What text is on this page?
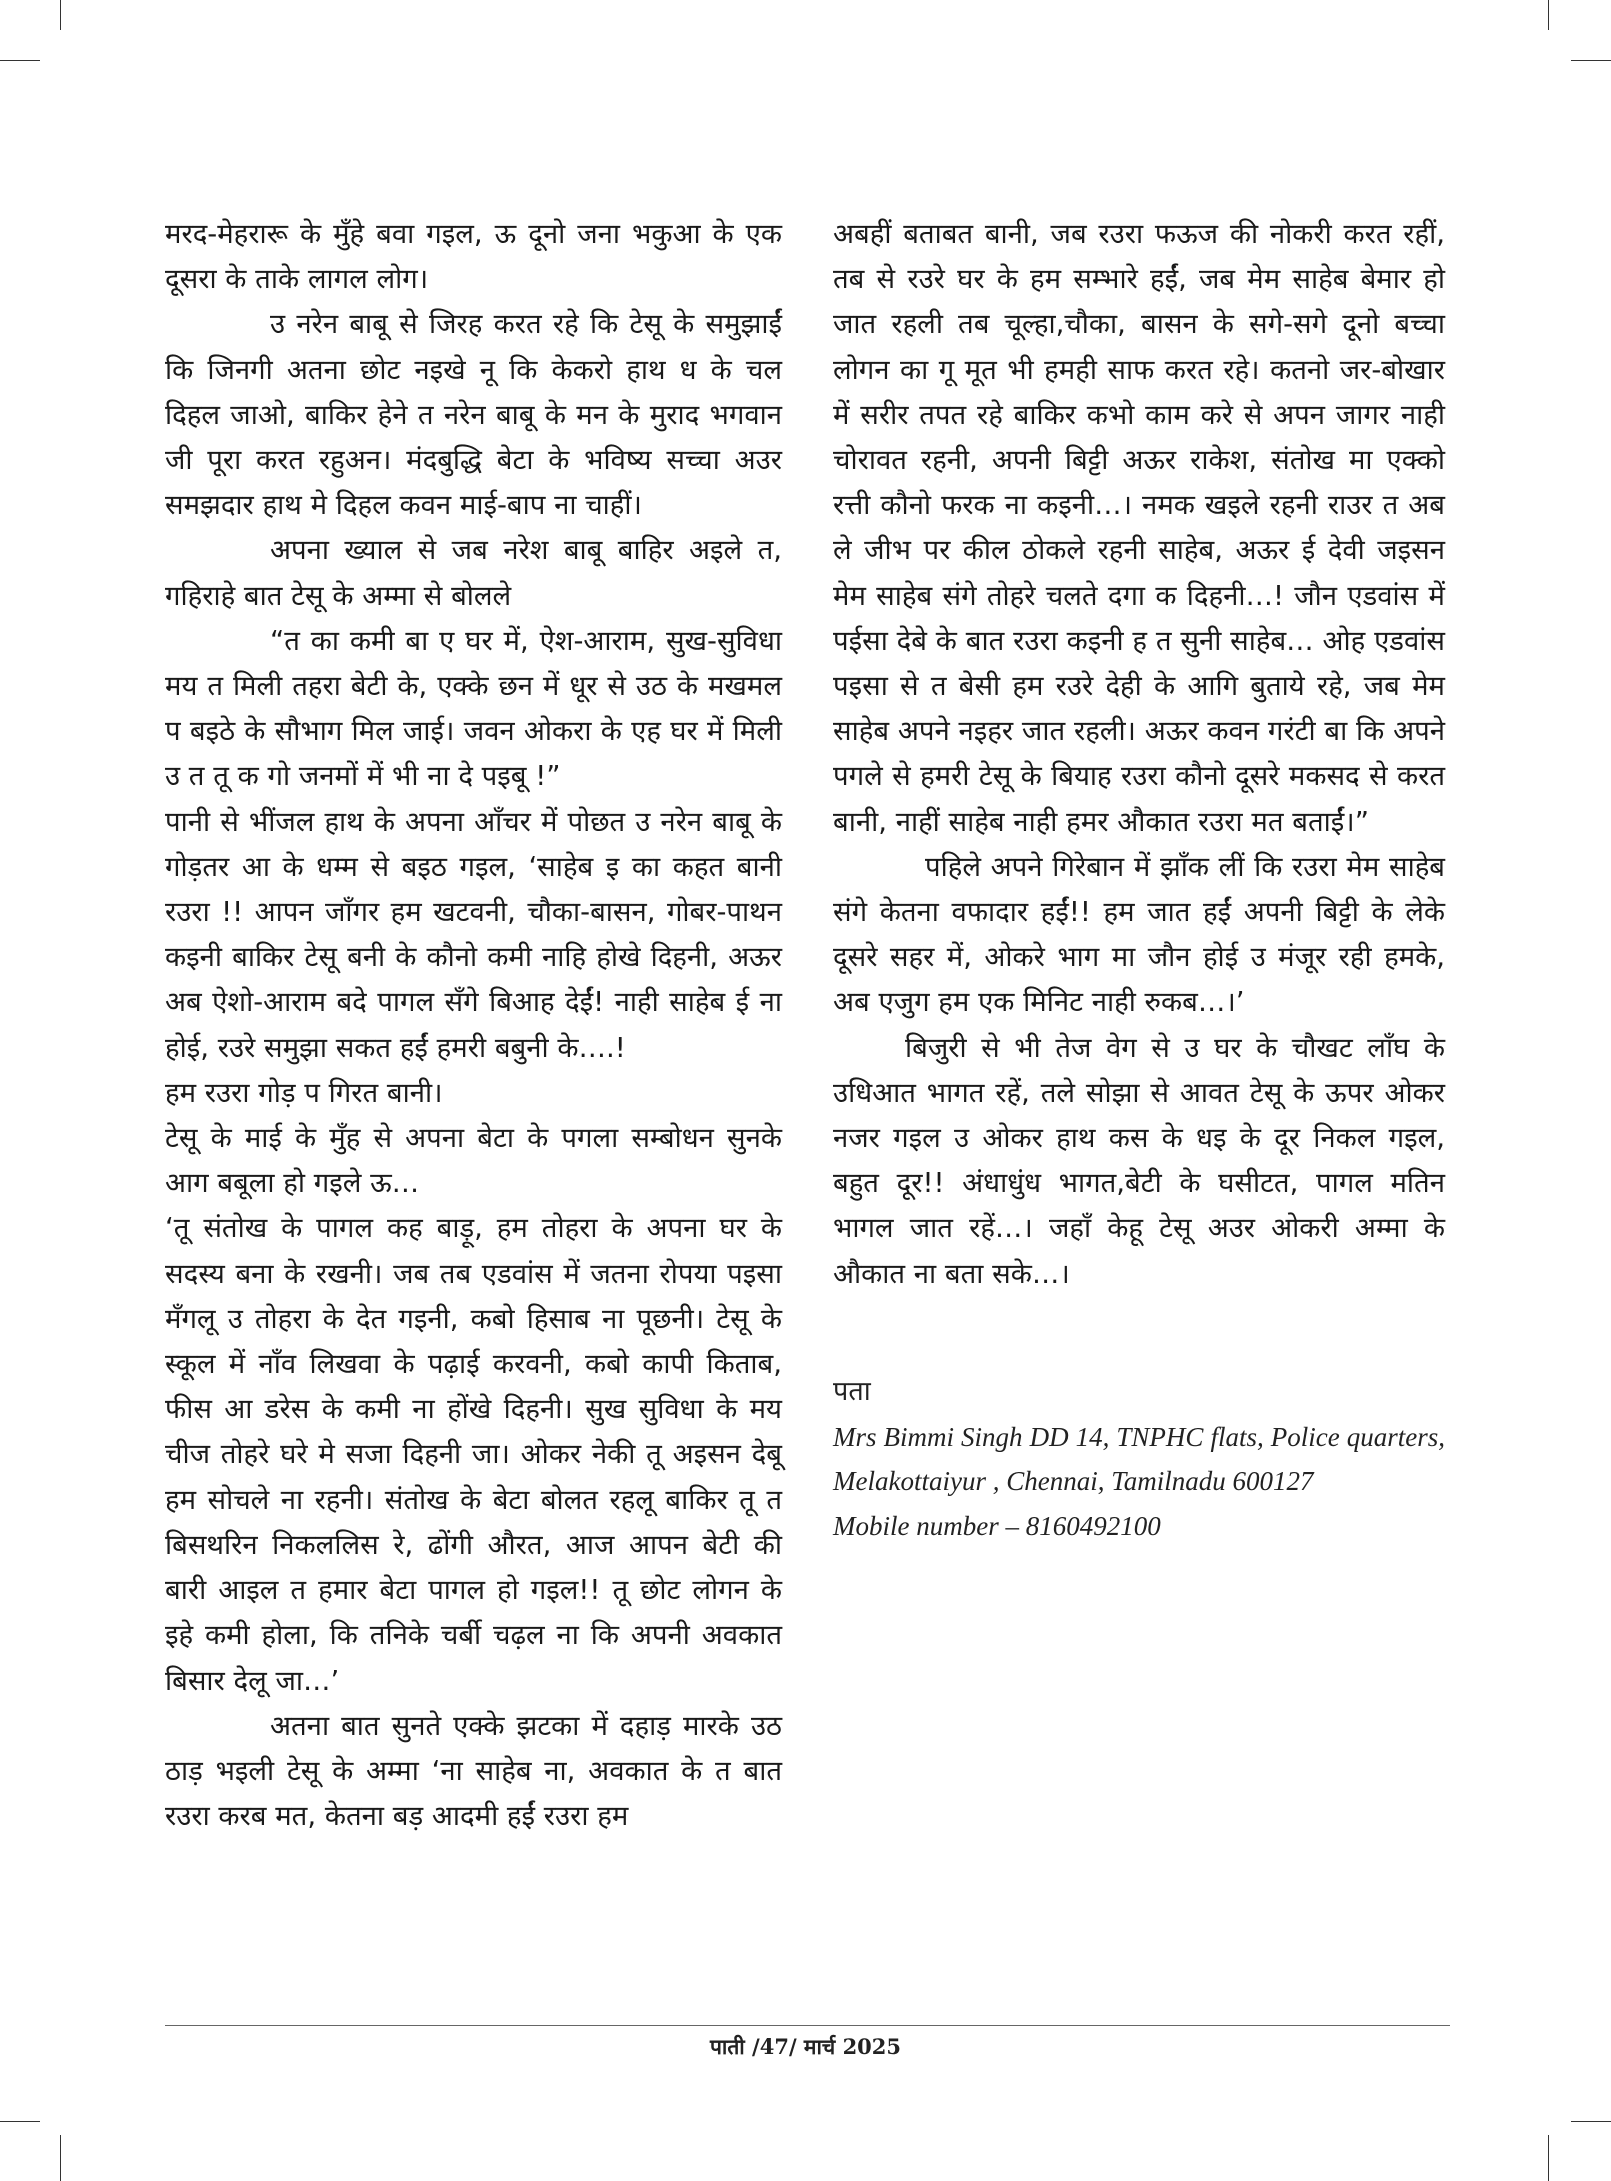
मरद-मेहरारू के मुँहे बवा गइल, ऊ दूनो जना भकुआ के एक दूसरा के ताके लागल लोग।

उ नरेन बाबू से जिरह करत रहे कि टेसू के समुझाईं कि जिनगी अतना छोट नइखे नू कि केकरो हाथ ध के चल दिहल जाओ, बाकिर हेने त नरेन बाबू के मन के मुराद भगवान जी पूरा करत रहुअन। मंदबुद्धि बेटा के भविष्य सच्चा अउर समझदार हाथ मे दिहल कवन माई-बाप ना चाहीं।

अपना ख्याल से जब नरेश बाबू बाहिर अइले त, गहिराहे बात टेसू के अम्मा से बोलले

“त का कमी बा ए घर में, ऐश-आराम, सुख-सुविधा मय त मिली तहरा बेटी के, एक्के छन में धूर से उठ के मखमल प बइठे के सौभाग मिल जाई। जवन ओकरा के एह घर में मिली उ त तू क गो जनमों में भी ना दे पइबू !”

पानी से भींजल हाथ के अपना आँचर में पोछत उ नरेन बाबू के गोड़तर आ के धम्म से बइठ गइल, ‘साहेब इ का कहत बानी रउरा !! आपन जाँगर हम खटवनी, चौका-बासन, गोबर-पाथन कइनी बाकिर टेसू बनी के कौनो कमी नाहि होखे दिहनी, अऊर अब ऐशो-आराम बदे पागल सँगे बिआह देईं! नाही साहेब ई ना होई, रउरे समुझा सकत हईं हमरी बबुनी के….!

हम रउरा गोड़ प गिरत बानी।

टेसू के माई के मुँह से अपना बेटा के पगला सम्बोधन सुनके आग बबूला हो गइले ऊ…

‘तू संतोख के पागल कह बाड़ू, हम तोहरा के अपना घर के सदस्य बना के रखनी। जब तब एडवांस में जतना रोपया पइसा मँगलू उ तोहरा के देत गइनी, कबो हिसाब ना पूछनी। टेसू के स्कूल में नाँव लिखवा के पढ़ाई करवनी, कबो कापी किताब, फीस आ डरेस के कमी ना होंखे दिहनी। सुख सुविधा के मय चीज तोहरे घरे मे सजा दिहनी जा। ओकर नेकी तू अइसन देबू हम सोचले ना रहनी। संतोख के बेटा बोलत रहलू बाकिर तू त बिसथरिन निकललिस रे, ढोंगी औरत, आज आपन बेटी की बारी आइल त हमार बेटा पागल हो गइल!! तू छोट लोगन के इहे कमी होला, कि तनिके चर्बी चढ़ल ना कि अपनी अवकात बिसार देलू जा…’

अतना बात सुनते एक्के झटका में दहाड़ मारके उठ ठाड़ भइली टेसू के अम्मा ‘ना साहेब ना, अवकात के त बात रउरा करब मत, केतना बड़ आदमी हईं रउरा हम

अबहीं बताबत बानी, जब रउरा फऊज की नोकरी करत रहीं, तब से रउरे घर के हम सम्भारे हईं, जब मेम साहेब बेमार हो जात रहली तब चूल्हा,चौका, बासन के सगे-सगे दूनो बच्चा लोगन का गू मूत भी हमही साफ करत रहे। कतनो जर-बोखार में सरीर तपत रहे बाकिर कभो काम करे से अपन जागर नाही चोरावत रहनी, अपनी बिट्टी अऊर राकेश, संतोख मा एक्को रत्ती कौनो फरक ना कइनी…। नमक खइले रहनी राउर त अब ले जीभ पर कील ठोकले रहनी साहेब, अऊर ई देवी जइसन मेम साहेब संगे तोहरे चलते दगा क दिहनी…! जौन एडवांस में पईसा देबे के बात रउरा कइनी ह त सुनी साहेब… ओह एडवांस पइसा से त बेसी हम रउरे देही के आगि बुताये रहे, जब मेम साहेब अपने नइहर जात रहली। अऊर कवन गरंटी बा कि अपने पगले से हमरी टेसू के बियाह रउरा कौनो दूसरे मकसद से करत बानी, नाहीं साहेब नाही हमर औकात रउरा मत बताईं।”

पहिले अपने गिरेबान में झाँक लीं कि रउरा मेम साहेब संगे केतना वफादार हईं!! हम जात हईं अपनी बिट्टी के लेके दूसरे सहर में, ओकरे भाग मा जौन होई उ मंजूर रही हमके, अब एजुग हम एक मिनिट नाही रुकब…।’

बिजुरी से भी तेज वेग से उ घर के चौखट लाँघ के उधिआत भागत रहें, तले सोझा से आवत टेसू के ऊपर ओकर नजर गइल उ ओकर हाथ कस के धइ के दूर निकल गइल, बहुत दूर!! अंधाधुंध भागत,बेटी के घसीटत, पागल मतिन भागल जात रहें…। जहाँ केहू टेसू अउर ओकरी अम्मा के औकात ना बता सके…।

पता

Mrs Bimmi Singh DD 14, TNPHC flats, Police quarters, Melakottaiyur , Chennai, Tamilnadu 600127

Mobile number – 8160492100

पाती /47/ मार्च 2025
